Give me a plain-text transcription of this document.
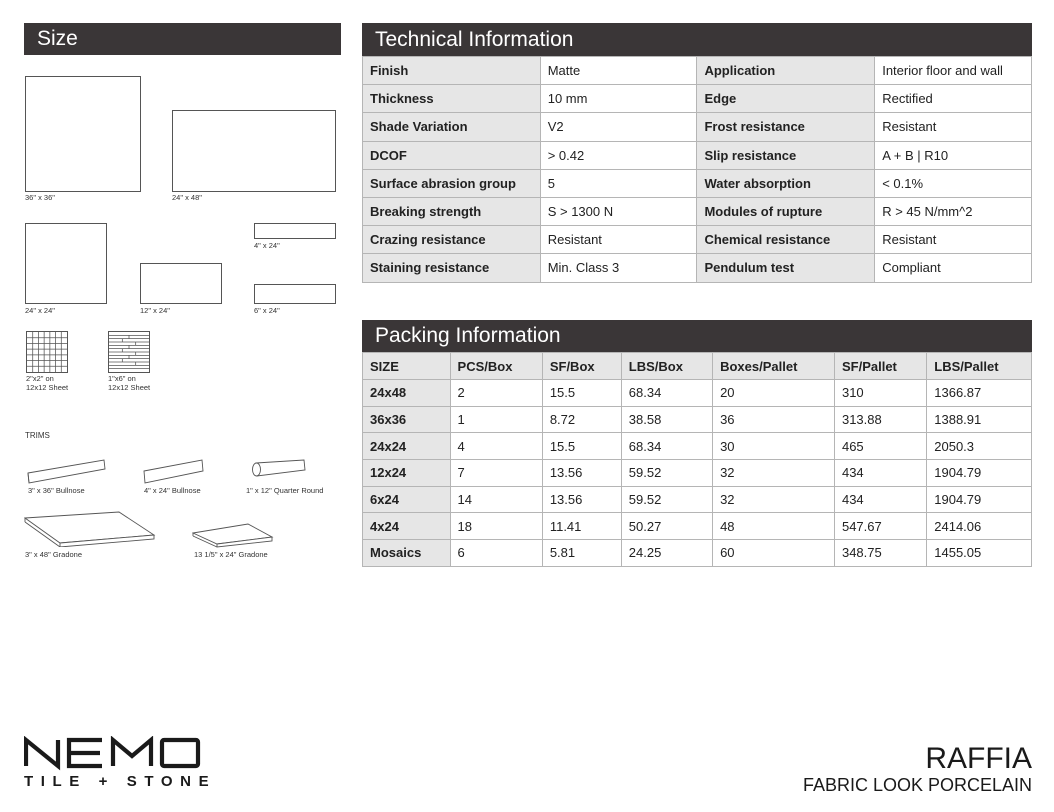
Size
36" x 36"	24" x 48"
4" x 24"
24" x 24"	12" x 24"	6" x 24"
2"x2" on
12x12 Sheet
1"x6" on
12x12 Sheet
TRIMS
3" x 36" Bullnose	4" x 24" Bullnose	1" x 12" Quarter Round
3" x 48" Gradone	13 1/5" x 24" Gradone
Technical Information
Finish	Matte	Application	Interior floor and wall
Thickness	10 mm	Edge	Rectified
Shade Variation	V2	Frost resistance	Resistant
DCOF	> 0.42	Slip resistance	A + B | R10
Surface abrasion group	5	Water absorption	< 0.1%
Breaking strength	S > 1300 N	Modules of rupture	R > 45 N/mm^2
Crazing resistance	Resistant	Chemical resistance	Resistant
Staining resistance	Min. Class 3	Pendulum test	Compliant
Packing Information
SIZE	PCS/Box	SF/Box	LBS/Box	Boxes/Pallet	SF/Pallet	LBS/Pallet
24x48	2	15.5	68.34	20	310	1366.87
36x36	1	8.72	38.58	36	313.88	1388.91
24x24	4	15.5	68.34	30	465	2050.3
12x24	7	13.56	59.52	32	434	1904.79
6x24	14	13.56	59.52	32	434	1904.79
4x24	18	11.41	50.27	48	547.67	2414.06
Mosaics	6	5.81	24.25	60	348.75	1455.05
TILE + STONE
RAFFIA
FABRIC LOOK PORCELAIN
